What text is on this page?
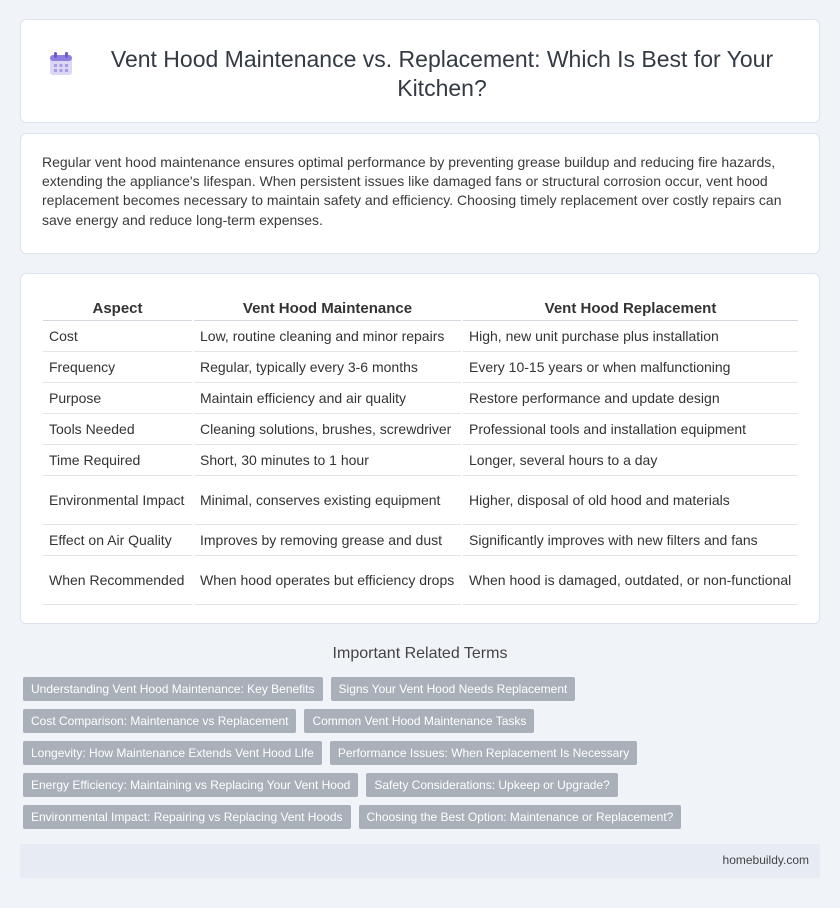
Vent Hood Maintenance vs. Replacement: Which Is Best for Your Kitchen?

Regular vent hood maintenance ensures optimal performance by preventing grease buildup and reducing fire hazards, extending the appliance's lifespan. When persistent issues like damaged fans or structural corrosion occur, vent hood replacement becomes necessary to maintain safety and efficiency. Choosing timely replacement over costly repairs can save energy and reduce long-term expenses.

Aspect	Vent Hood Maintenance	Vent Hood Replacement
Cost	Low, routine cleaning and minor repairs	High, new unit purchase plus installation
Frequency	Regular, typically every 3-6 months	Every 10-15 years or when malfunctioning
Purpose	Maintain efficiency and air quality	Restore performance and update design
Tools Needed	Cleaning solutions, brushes, screwdriver	Professional tools and installation equipment
Time Required	Short, 30 minutes to 1 hour	Longer, several hours to a day
Environmental Impact	Minimal, conserves existing equipment	Higher, disposal of old hood and materials
Effect on Air Quality	Improves by removing grease and dust	Significantly improves with new filters and fans
When Recommended	When hood operates but efficiency drops	When hood is damaged, outdated, or non-functional
Important Related Terms
Understanding Vent Hood Maintenance: Key Benefits	Signs Your Vent Hood Needs Replacement
Cost Comparison: Maintenance vs Replacement	Common Vent Hood Maintenance Tasks
Longevity: How Maintenance Extends Vent Hood Life	Performance Issues: When Replacement Is Necessary
Energy Efficiency: Maintaining vs Replacing Your Vent Hood	Safety Considerations: Upkeep or Upgrade?
Environmental Impact: Repairing vs Replacing Vent Hoods	Choosing the Best Option: Maintenance or Replacement?
homebuildy.com
